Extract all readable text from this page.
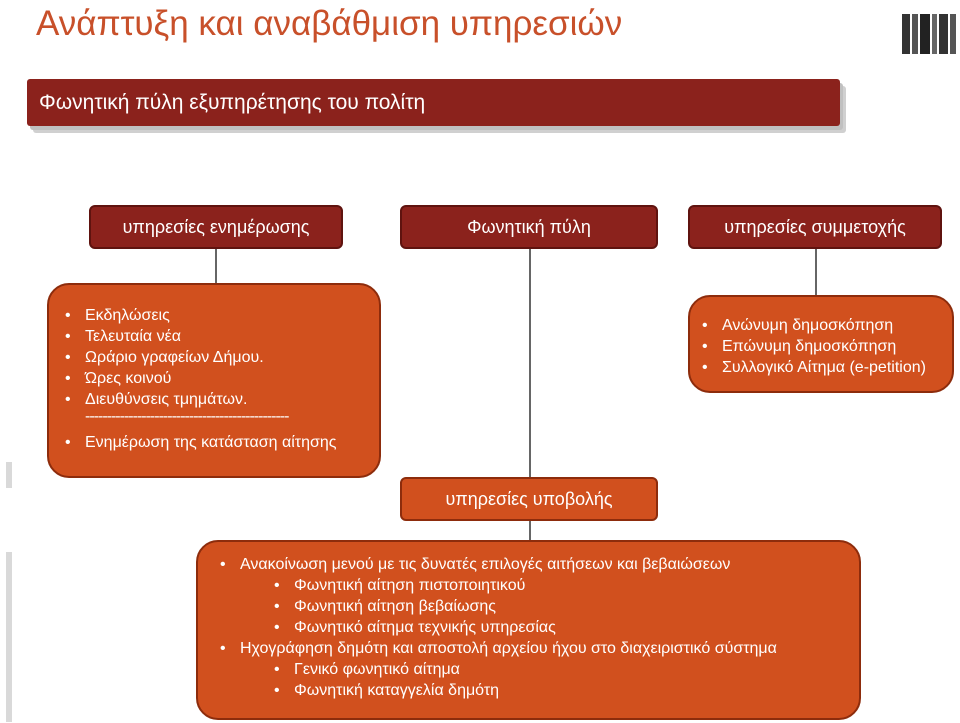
Ανάπτυξη και αναβάθμιση υπηρεσιών
Φωνητική πύλη εξυπηρέτησης του πολίτη
υπηρεσίες ενημέρωσης	Φωνητική πύλη	υπηρεσίες συμμετοχής
• Εκδηλώσεις
• Τελευταία νέα
• Ωράριο γραφείων Δήμου.
• Ώρες κοινού
• Διευθύνσεις τμημάτων.
-----------------------------------------------
• Ενημέρωση της κατάσταση αίτησης
• Ανώνυμη δημοσκόπηση
• Επώνυμη δημοσκόπηση
• Συλλογικό Αίτημα (e-petition)
υπηρεσίες υποβολής
• Ανακοίνωση μενού με τις δυνατές επιλογές αιτήσεων και βεβαιώσεων
• Φωνητική αίτηση πιστοποιητικού
• Φωνητική αίτηση βεβαίωσης
• Φωνητικό αίτημα τεχνικής υπηρεσίας
• Ηχογράφηση δημότη και αποστολή αρχείου ήχου στο διαχειριστικό σύστημα
• Γενικό φωνητικό αίτημα
• Φωνητική καταγγελία δημότη
